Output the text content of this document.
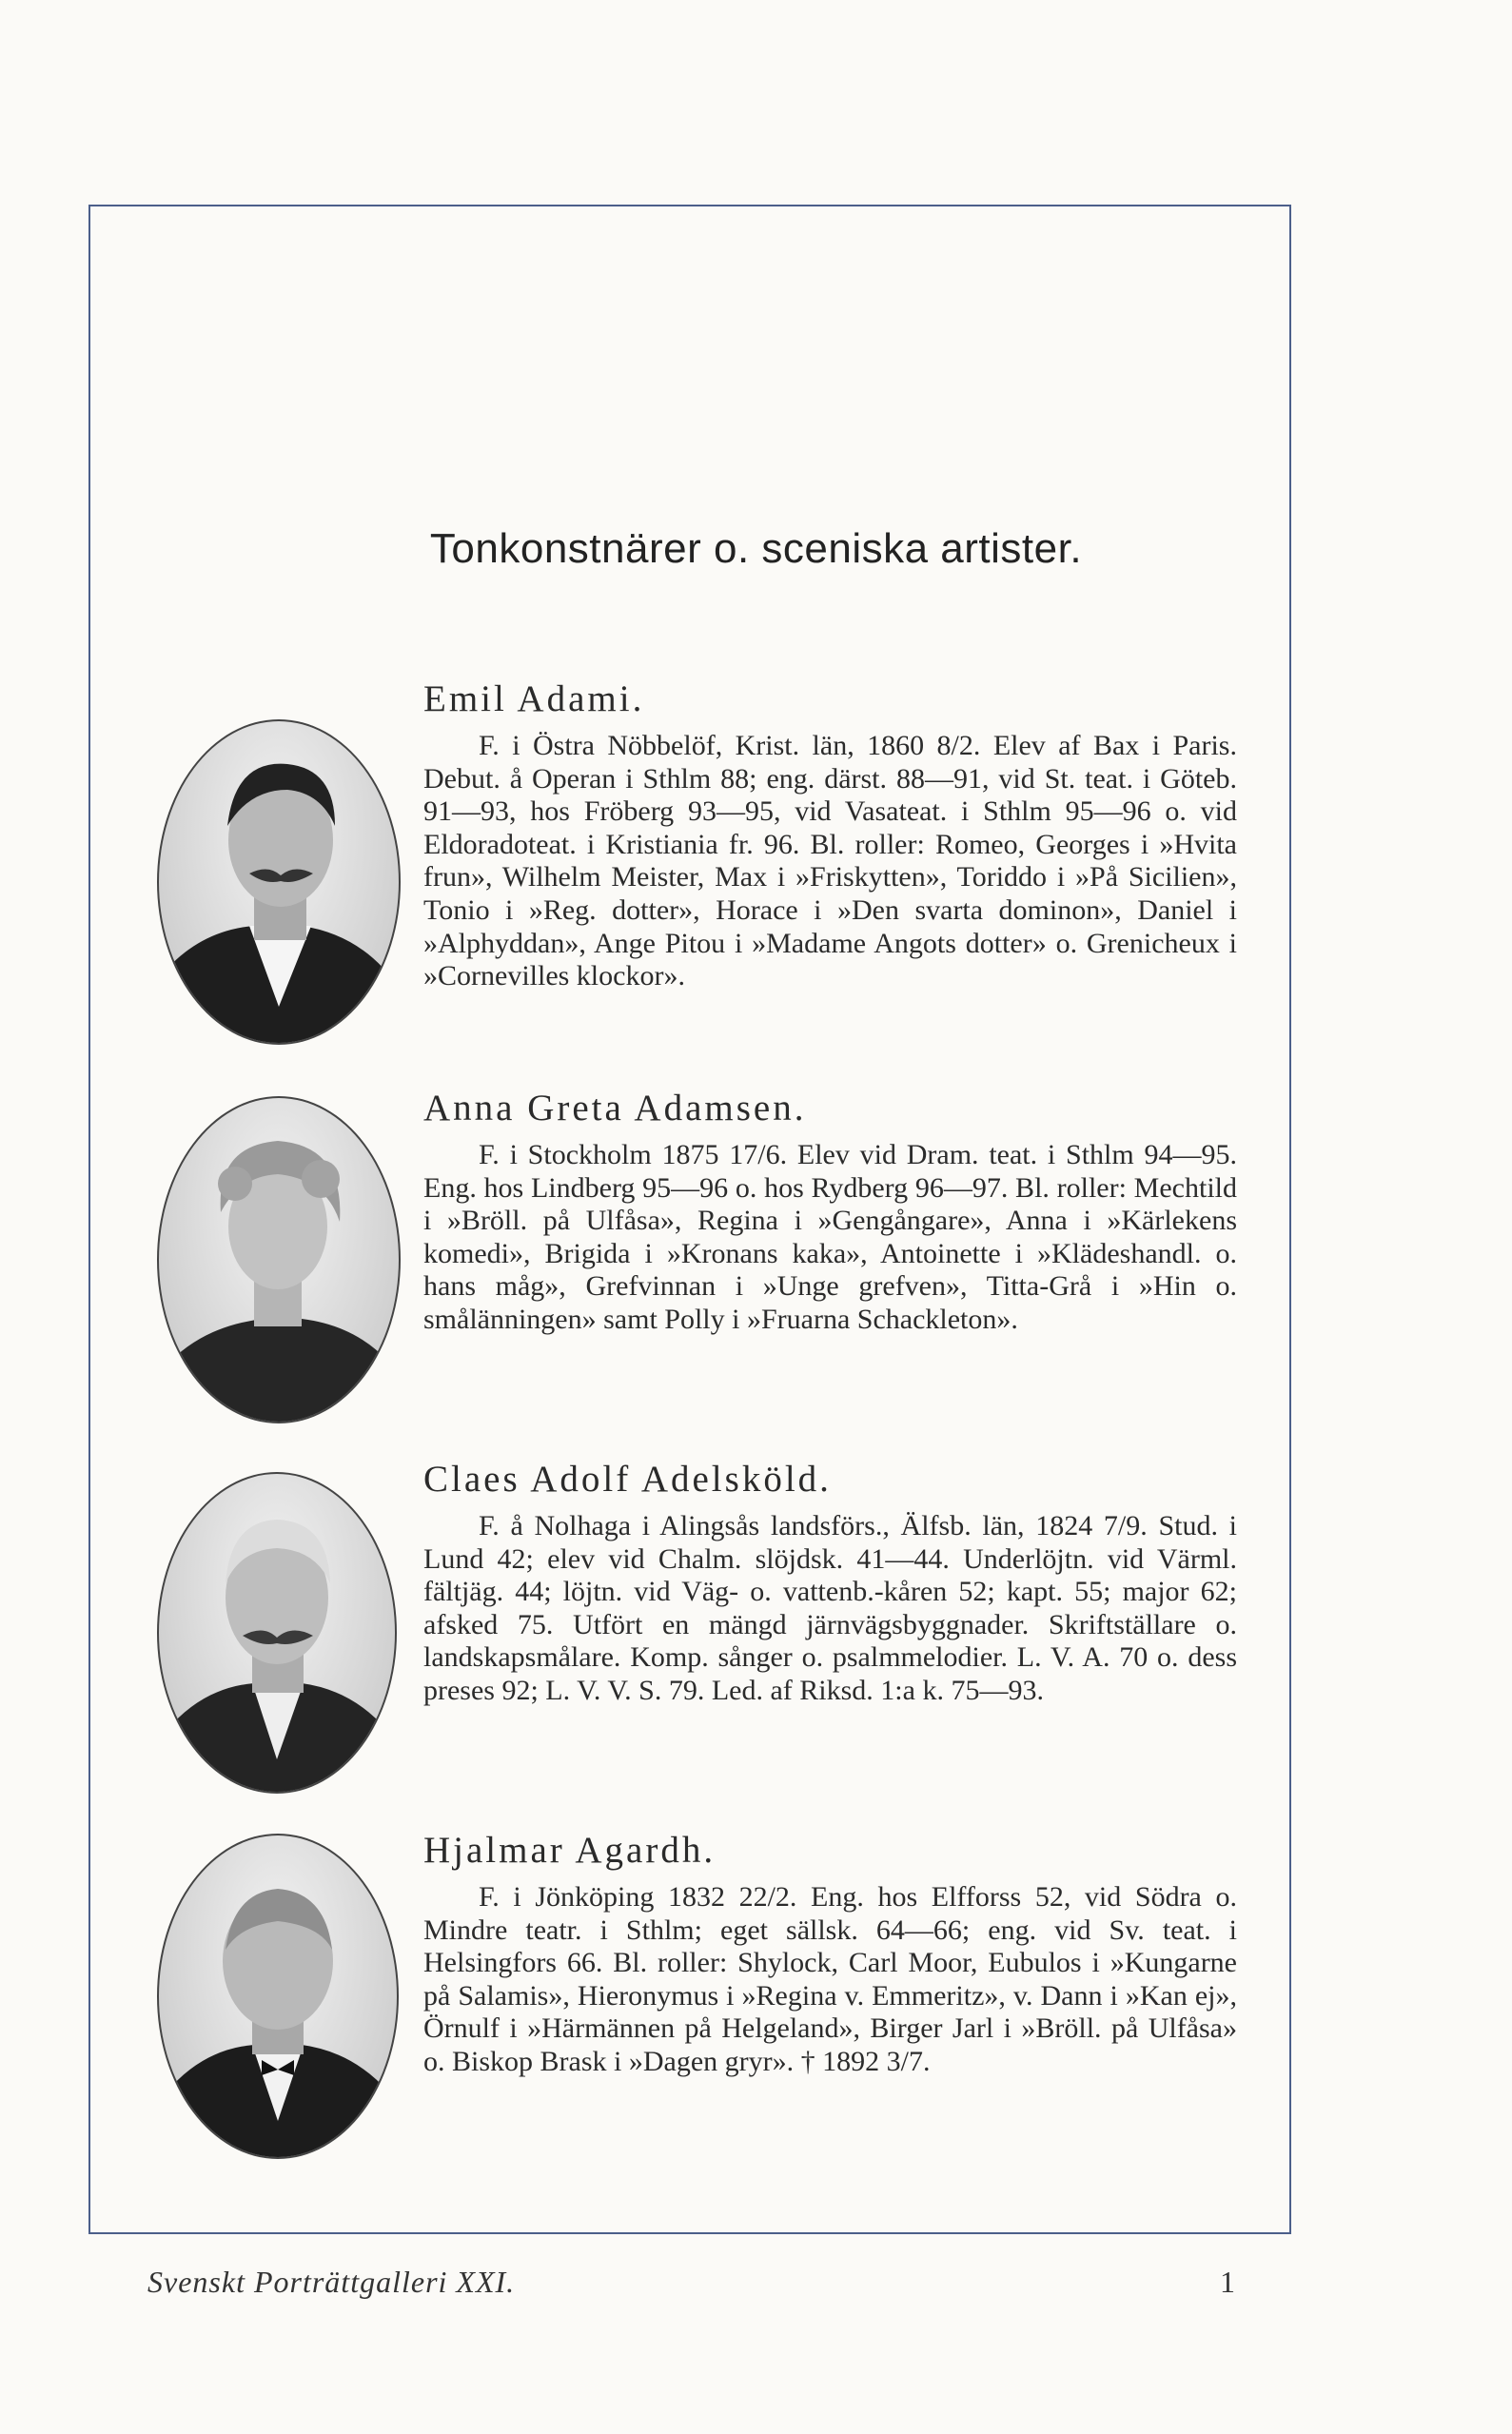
Tonkonstnärer o. sceniska artister.
Emil Adami.

F. i Östra Nöbbelöf, Krist. län, 1860 8/2. Elev af Bax i Paris. Debut. å Operan i Sthlm 88; eng. därst. 88—91, vid St. teat. i Göteb. 91—93, hos Fröberg 93—95, vid Vasateat. i Sthlm 95—96 o. vid Eldoradoteat. i Kristiania fr. 96. Bl. roller: Romeo, Georges i »Hvita frun», Wilhelm Meister, Max i »Friskytten», Toriddo i »På Sicilien», Tonio i »Reg. dotter», Horace i »Den svarta dominon», Daniel i »Alphyddan», Ange Pitou i »Madame Angots dotter» o. Grenicheux i »Cornevilles klockor».

Anna Greta Adamsen.

F. i Stockholm 1875 17/6. Elev vid Dram. teat. i Sthlm 94—95. Eng. hos Lindberg 95—96 o. hos Rydberg 96—97. Bl. roller: Mechtild i »Bröll. på Ulfåsa», Regina i »Gengångare», Anna i »Kärlekens komedi», Brigida i »Kronans kaka», Antoinette i »Klädeshandl. o. hans måg», Grefvinnan i »Unge grefven», Titta-Grå i »Hin o. smålänningen» samt Polly i »Fruarna Schackleton».

Claes Adolf Adelsköld.

F. å Nolhaga i Alingsås landsförs., Älfsb. län, 1824 7/9. Stud. i Lund 42; elev vid Chalm. slöjdsk. 41—44. Underlöjtn. vid Värml. fältjäg. 44; löjtn. vid Väg- o. vattenb.-kåren 52; kapt. 55; major 62; afsked 75. Utfört en mängd järnvägsbyggnader. Skriftställare o. landskapsmålare. Komp. sånger o. psalmmelodier. L. V. A. 70 o. dess preses 92; L. V. V. S. 79. Led. af Riksd. 1:a k. 75—93.

Hjalmar Agardh.

F. i Jönköping 1832 22/2. Eng. hos Elfforss 52, vid Södra o. Mindre teatr. i Sthlm; eget sällsk. 64—66; eng. vid Sv. teat. i Helsingfors 66. Bl. roller: Shylock, Carl Moor, Eubulos i »Kungarne på Salamis», Hieronymus i »Regina v. Emmeritz», v. Dann i »Kan ej», Örnulf i »Härmännen på Helgeland», Birger Jarl i »Bröll. på Ulfåsa» o. Biskop Brask i »Dagen gryr». † 1892 3/7.

Svenskt Porträttgalleri XXI.	1
